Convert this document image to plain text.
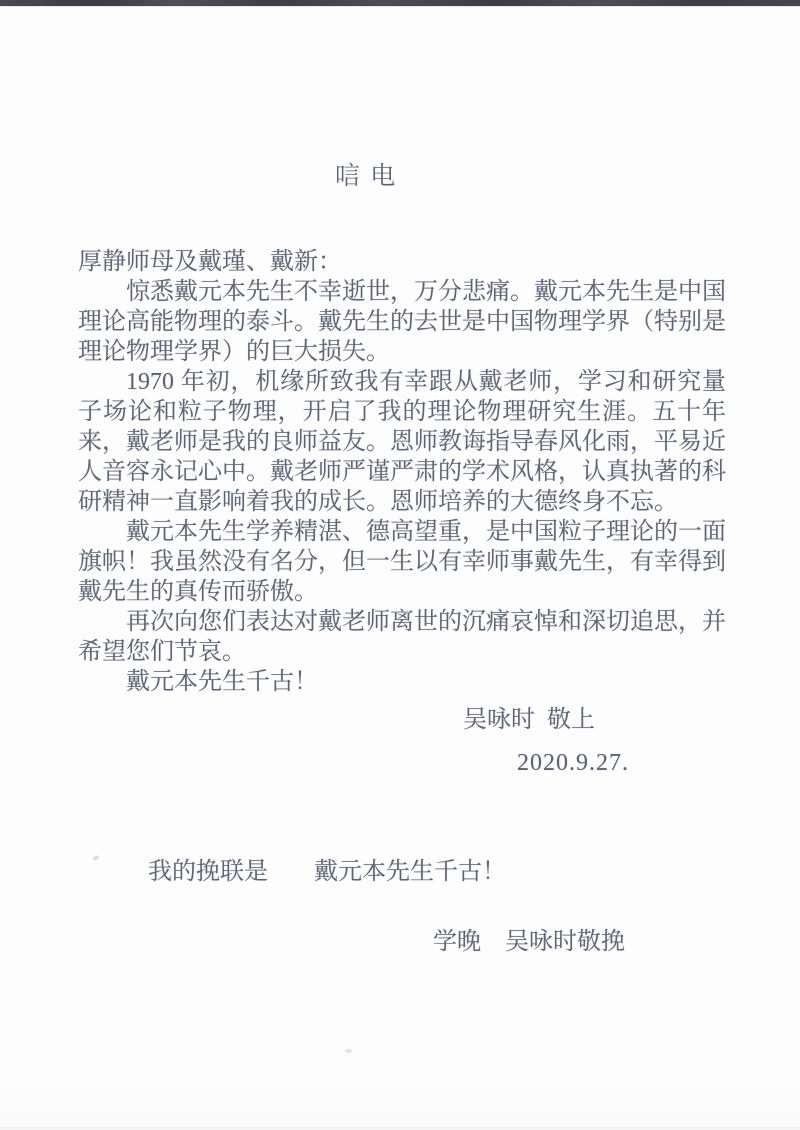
唁 电

厚静师母及戴瑾、戴新：

惊悉戴元本先生不幸逝世，万分悲痛。戴元本先生是中国理论高能物理的泰斗。戴先生的去世是中国物理学界（特别是理论物理学界）的巨大损失。

1970 年初，机缘所致我有幸跟从戴老师，学习和研究量子场论和粒子物理，开启了我的理论物理研究生涯。五十年来，戴老师是我的良师益友。恩师教诲指导春风化雨，平易近人音容永记心中。戴老师严谨严肃的学术风格，认真执著的科研精神一直影响着我的成长。恩师培养的大德终身不忘。

戴元本先生学养精湛、德高望重，是中国粒子理论的一面旗帜！我虽然没有名分，但一生以有幸师事戴先生，有幸得到戴先生的真传而骄傲。

再次向您们表达对戴老师离世的沉痛哀悼和深切追思，并希望您们节哀。

戴元本先生千古！

吴咏时  敬上
2020.9.27.

我的挽联是 戴元本先生千古！

学晚　吴咏时敬挽
